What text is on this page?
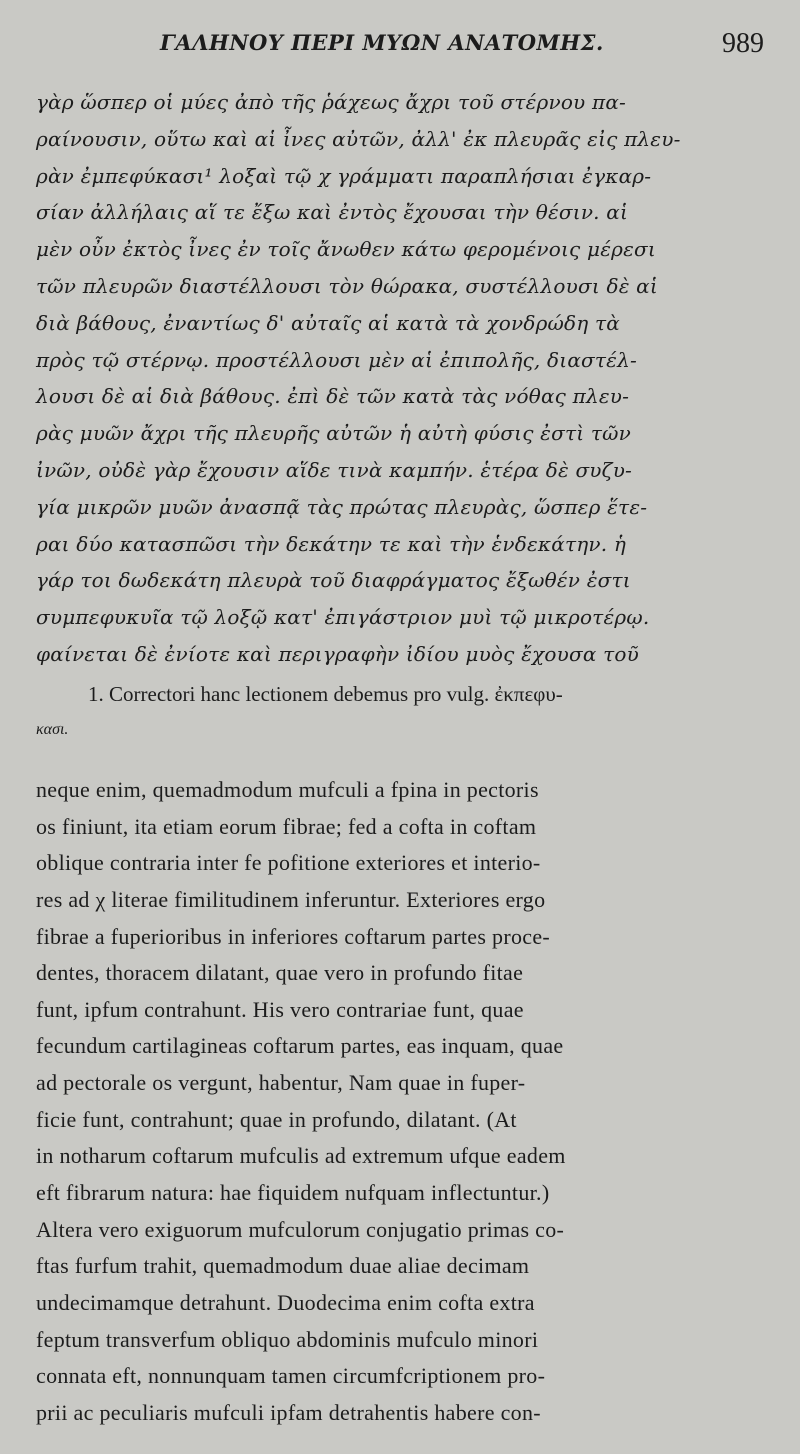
ΓΑΛΗΝΟΥ ΠΕΡΙ ΜΥΩΝ ΑΝΑΤΟΜΗΣ.	989
γὰρ ὥσπερ οἱ μύες ἀπὸ τῆς ῥάχεως ἄχρι τοῦ στέρνου πα-
ραίνουσιν, οὕτω καὶ αἱ ἶνες αὐτῶν, ἀλλ' ἐκ πλευρᾶς εἰς πλευ-
ρὰν ἐμπεφύκασι¹ λοξαὶ τῷ χ γράμματι παραπλήσιαι ἐγκαρ-
σίαν ἀλλήλαις αἵ τε ἔξω καὶ ἐντὸς ἔχουσαι τὴν θέσιν. αἱ
μὲν οὖν ἐκτὸς ἶνες ἐν τοῖς ἄνωθεν κάτω φερομένοις μέρεσι
τῶν πλευρῶν διαστέλλουσι τὸν θώρακα, συστέλλουσι δὲ αἱ
διὰ βάθους, ἐναντίως δ' αὐταῖς αἱ κατὰ τὰ χονδρώδη τὰ
πρὸς τῷ στέρνῳ. προστέλλουσι μὲν αἱ ἐπιπολῆς, διαστέλ-
λουσι δὲ αἱ διὰ βάθους. ἐπὶ δὲ τῶν κατὰ τὰς νόθας πλευ-
ρὰς μυῶν ἄχρι τῆς πλευρῆς αὐτῶν ἡ αὐτὴ φύσις ἐστὶ τῶν
ἰνῶν, οὐδὲ γὰρ ἔχουσιν αἵδε τινὰ καμπήν. ἑτέρα δὲ συζυ-
γία μικρῶν μυῶν ἀνασπᾷ τὰς πρώτας πλευρὰς, ὥσπερ ἕτε-
ραι δύο κατασπῶσι τὴν δεκάτην τε καὶ τὴν ἑνδεκάτην. ἡ
γάρ τοι δωδεκάτη πλευρὰ τοῦ διαφράγματος ἔξωθέν ἐστι
συμπεφυκυῖα τῷ λοξῷ κατ' ἐπιγάστριον μυὶ τῷ μικροτέρῳ.
φαίνεται δὲ ἐνίοτε καὶ περιγραφὴν ἰδίου μυὸς ἔχουσα τοῦ
1. Correctori hanc lectionem debemus pro vulg. ἐκπεφυ-
κασι.
neque enim, quemadmodum mufculi a fpina in pectoris
os finiunt, ita etiam eorum fibrae; fed a cofta in coftam
oblique contraria inter fe pofitione exteriores et interio-
res ad χ literae fimilitudinem inferuntur. Exteriores ergo
fibrae a fuperioribus in inferiores coftarum partes proce-
dentes, thoracem dilatant, quae vero in profundo fitae
funt, ipfum contrahunt. His vero contrariae funt, quae
fecundum cartilagineas coftarum partes, eas inquam, quae
ad pectorale os vergunt, habentur, Nam quae in fuper-
ficie funt, contrahunt; quae in profundo, dilatant. (At
in notharum coftarum mufculis ad extremum ufque eadem
eft fibrarum natura: hae fiquidem nufquam inflectuntur.)
Altera vero exiguorum mufculorum conjugatio primas co-
ftas furfum trahit, quemadmodum duae aliae decimam
undecimamque detrahunt. Duodecima enim cofta extra
feptum transverfum obliquo abdominis mufculo minori
connata eft, nonnunquam tamen circumfcriptionem pro-
prii ac peculiaris mufculi ipfam detrahentis habere con-
